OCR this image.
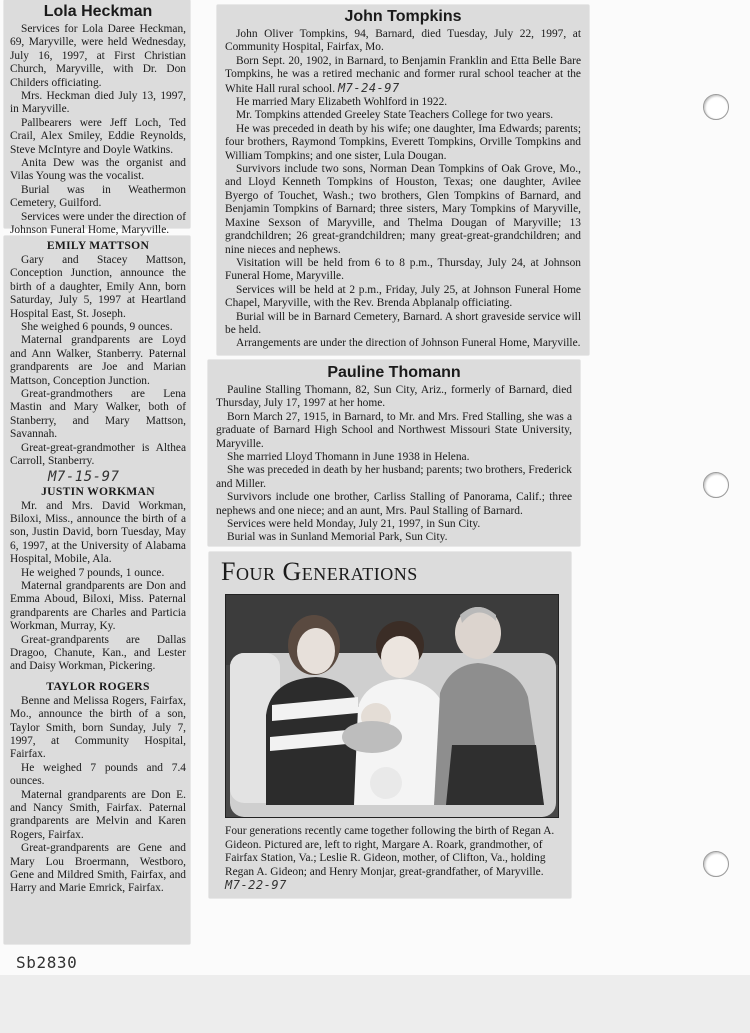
Lola Heckman

Services for Lola Daree Heckman, 69, Maryville, were held Wednesday, July 16, 1997, at First Christian Church, Maryville, with Dr. Don Childers officiating.

Mrs. Heckman died July 13, 1997, in Maryville.

Pallbearers were Jeff Loch, Ted Crail, Alex Smiley, Eddie Reynolds, Steve McIntyre and Doyle Watkins.

Anita Dew was the organist and Vilas Young was the vocalist.

Burial was in Weathermon Cemetery, Guilford.

Services were under the direction of Johnson Funeral Home, Maryville.

EMILY MATTSON

Gary and Stacey Mattson, Conception Junction, announce the birth of a daughter, Emily Ann, born Saturday, July 5, 1997 at Heartland Hospital East, St. Joseph.

She weighed 6 pounds, 9 ounces.

Maternal grandparents are Loyd and Ann Walker, Stanberry. Paternal grandparents are Joe and Marian Mattson, Conception Junction.

Great-grandmothers are Lena Mastin and Mary Walker, both of Stanberry, and Mary Mattson, Savannah.

Great-great-grandmother is Althea Carroll, Stanberry.

M7-15-97
JUSTIN WORKMAN

Mr. and Mrs. David Workman, Biloxi, Miss., announce the birth of a son, Justin David, born Tuesday, May 6, 1997, at the University of Alabama Hospital, Mobile, Ala.

He weighed 7 pounds, 1 ounce.

Maternal grandparents are Don and Emma Aboud, Biloxi, Miss. Paternal grandparents are Charles and Particia Workman, Murray, Ky.

Great-grandparents are Dallas Dragoo, Chanute, Kan., and Lester and Daisy Workman, Pickering.

TAYLOR ROGERS

Benne and Melissa Rogers, Fairfax, Mo., announce the birth of a son, Taylor Smith, born Sunday, July 7, 1997, at Community Hospital, Fairfax.

He weighed 7 pounds and 7.4 ounces.

Maternal grandparents are Don E. and Nancy Smith, Fairfax. Paternal grandparents are Melvin and Karen Rogers, Fairfax.

Great-grandparents are Gene and Mary Lou Broermann, Westboro, Gene and Mildred Smith, Fairfax, and Harry and Marie Emrick, Fairfax.

John Tompkins

John Oliver Tompkins, 94, Barnard, died Tuesday, July 22, 1997, at Community Hospital, Fairfax, Mo.

Born Sept. 20, 1902, in Barnard, to Benjamin Franklin and Etta Belle Bare Tompkins, he was a retired mechanic and former rural school teacher at the White Hall rural school. M7-24-97

He married Mary Elizabeth Wohlford in 1922.

Mr. Tompkins attended Greeley State Teachers College for two years.

He was preceded in death by his wife; one daughter, Ima Edwards; parents; four brothers, Raymond Tompkins, Everett Tompkins, Orville Tompkins and William Tompkins; and one sister, Lula Dougan.

Survivors include two sons, Norman Dean Tompkins of Oak Grove, Mo., and Lloyd Kenneth Tompkins of Houston, Texas; one daughter, Avilee Byergo of Touchet, Wash.; two brothers, Glen Tompkins of Barnard, and Benjamin Tompkins of Barnard; three sisters, Mary Tompkins of Maryville, Maxine Sexson of Maryville, and Thelma Dougan of Maryville; 13 grandchildren; 26 great-grandchildren; many great-great-grandchildren; and nine nieces and nephews.

Visitation will be held from 6 to 8 p.m., Thursday, July 24, at Johnson Funeral Home, Maryville.

Services will be held at 2 p.m., Friday, July 25, at Johnson Funeral Home Chapel, Maryville, with the Rev. Brenda Abplanalp officiating.

Burial will be in Barnard Cemetery, Barnard. A short graveside service will be held.

Arrangements are under the direction of Johnson Funeral Home, Maryville.

Pauline Thomann

Pauline Stalling Thomann, 82, Sun City, Ariz., formerly of Barnard, died Thursday, July 17, 1997 at her home.

Born March 27, 1915, in Barnard, to Mr. and Mrs. Fred Stalling, she was a graduate of Barnard High School and Northwest Missouri State University, Maryville.

She married Lloyd Thomann in June 1938 in Helena.

She was preceded in death by her husband; parents; two brothers, Frederick and Miller.

Survivors include one brother, Carliss Stalling of Panorama, Calif.; three nephews and one niece; and an aunt, Mrs. Paul Stalling of Barnard.

Services were held Monday, July 21, 1997, in Sun City.

Burial was in Sunland Memorial Park, Sun City.

Four Generations

Four generations recently came together following the birth of Regan A. Gideon. Pictured are, left to right, Margare A. Roark, grandmother, of Fairfax Station, Va.; Leslie R. Gideon, mother, of Clifton, Va., holding Regan A. Gideon; and Henry Monjar, great-grandfather, of Maryville. M7-22-97

Sb2830
